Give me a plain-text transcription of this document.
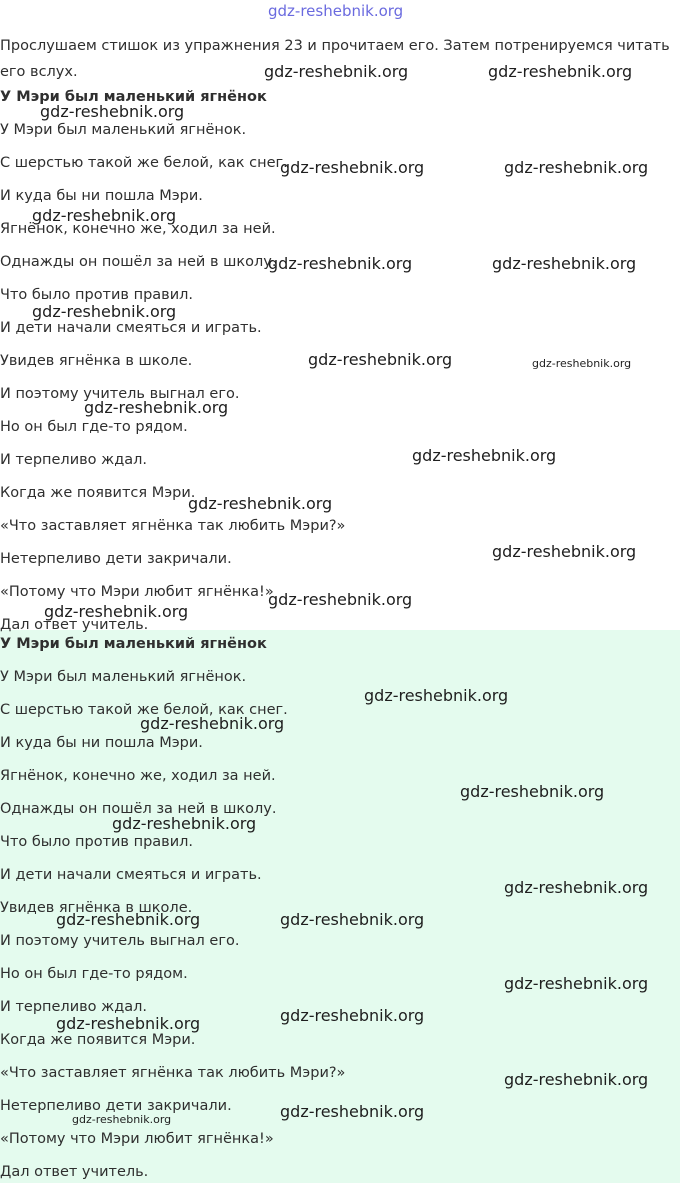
gdz-reshebnik.org
Прослушаем стишок из упражнения 23 и прочитаем его. Затем потренируемся читать
его вслух.
У Мэри был маленький ягнёнок
У Мэри был маленький ягнёнок.
С шерстью такой же белой, как снег.
И куда бы ни пошла Мэри.
Ягнёнок, конечно же, ходил за ней.
Однажды он пошёл за ней в школу.
Что было против правил.
И дети начали смеяться и играть.
Увидев ягнёнка в школе.
И поэтому учитель выгнал его.
Но он был где-то рядом.
И терпеливо ждал.
Когда же появится Мэри.
«Что заставляет ягнёнка так любить Мэри?»
Нетерпеливо дети закричали.
«Потому что Мэри любит ягнёнка!»
Дал ответ учитель.
У Мэри был маленький ягнёнок
У Мэри был маленький ягнёнок.
С шерстью такой же белой, как снег.
И куда бы ни пошла Мэри.
Ягнёнок, конечно же, ходил за ней.
Однажды он пошёл за ней в школу.
Что было против правил.
И дети начали смеяться и играть.
Увидев ягнёнка в школе.
И поэтому учитель выгнал его.
Но он был где-то рядом.
И терпеливо ждал.
Когда же появится Мэри.
«Что заставляет ягнёнка так любить Мэри?»
Нетерпеливо дети закричали.
«Потому что Мэри любит ягнёнка!»
Дал ответ учитель.
gdz-reshebnik.org	gdz-reshebnik.org
gdz-reshebnik.org
gdz-reshebnik.org	gdz-reshebnik.org
gdz-reshebnik.org
gdz-reshebnik.org	gdz-reshebnik.org
gdz-reshebnik.org
gdz-reshebnik.org	gdz-reshebnik.org
gdz-reshebnik.org
gdz-reshebnik.org
gdz-reshebnik.org
gdz-reshebnik.org
gdz-reshebnik.org
gdz-reshebnik.org
gdz-reshebnik.org
gdz-reshebnik.org
gdz-reshebnik.org
gdz-reshebnik.org
gdz-reshebnik.org
gdz-reshebnik.org	gdz-reshebnik.org
gdz-reshebnik.org
gdz-reshebnik.org	gdz-reshebnik.org
gdz-reshebnik.org
gdz-reshebnik.org
gdz-reshebnik.org
